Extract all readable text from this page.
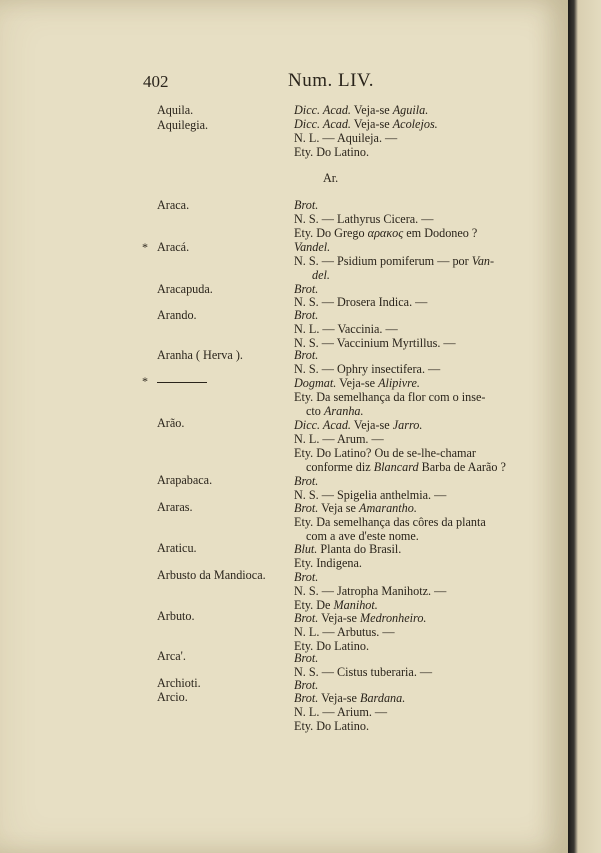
402	Num. LIV.
Aquila.
Aquilegia.
Araca.
* Aracá.
Aracapuda.
Arando.
Aranha ( Herva ).
*
Arão.
Arapabaca.
Araras.
Araticu.
Arbusto da Mandioca.
Arbuto.
Arca'.
Archioti.
Arcio.
Dicc. Acad. Veja-se Aguila.
Dicc. Acad. Veja-se Acolejos.
N. L. — Aquileja. —
Ety. Do Latino.
Ar.
Brot.
N. S. — Lathyrus Cicera. —
Ety. Do Grego αρακος em Dodoneo ?
Vandel.
N. S. — Psidium pomiferum — por Van-
del.
Brot.
N. S. — Drosera Indica. —
Brot.
N. L. — Vaccinia. —
N. S. — Vaccinium Myrtillus. —
Brot.
N. S. — Ophry insectifera. —
Dogmat. Veja-se Alipivre.
Ety. Da semelhança da flor com o inse-
cto Aranha.
Dicc. Acad. Veja-se Jarro.
N. L. — Arum. —
Ety. Do Latino? Ou de se-lhe-chamar
conforme diz Blancard Barba de Aarão ?
Brot.
N. S. — Spigelia anthelmia. —
Brot. Veja se Amarantho.
Ety. Da semelhança das côres da planta
com a ave d'este nome.
Blut. Planta do Brasil.
Ety. Indigena.
Brot.
N. S. — Jatropha Manihotz. —
Ety. De Manihot.
Brot. Veja-se Medronheiro.
N. L. — Arbutus. —
Ety. Do Latino.
Brot.
N. S. — Cistus tuberaria. —
Brot.
Brot. Veja-se Bardana.
N. L. — Arium. —
Ety. Do Latino.
